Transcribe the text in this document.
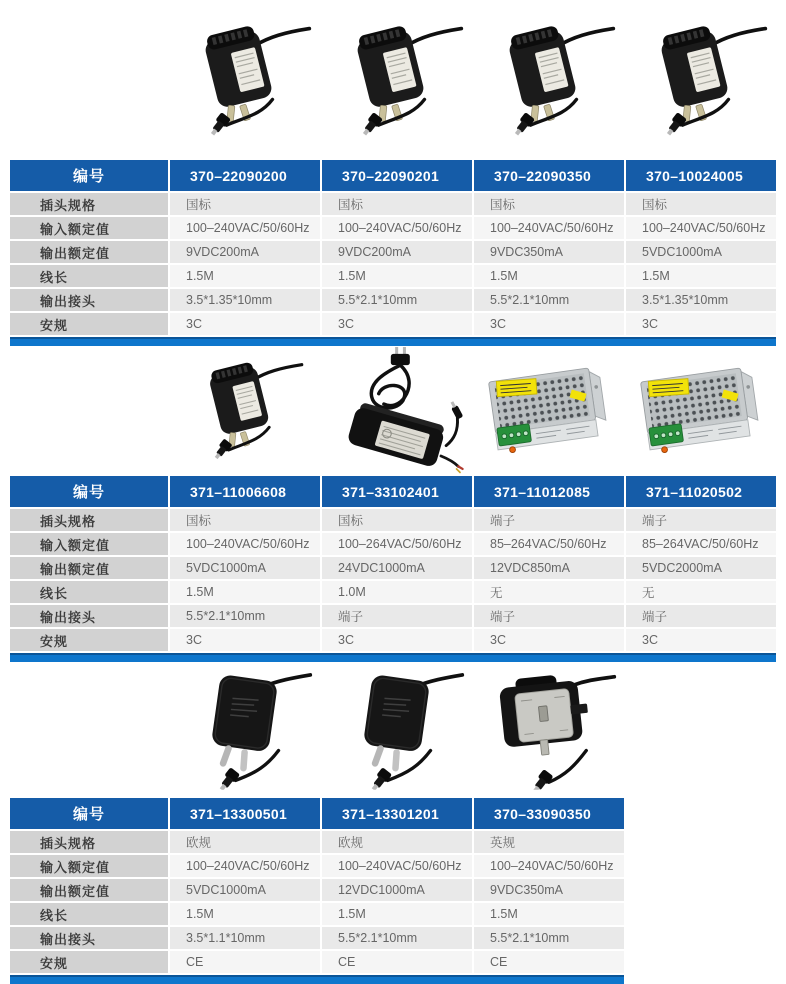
编号	370–22090200	370–22090201	370–22090350	370–10024005
插头规格	国标	国标	国标	国标
输入额定值	100–240VAC/50/60Hz	100–240VAC/50/60Hz	100–240VAC/50/60Hz	100–240VAC/50/60Hz
输出额定值	9VDC200mA	9VDC200mA	9VDC350mA	5VDC1000mA
线长	1.5M	1.5M	1.5M	1.5M
输出接头	3.5*1.35*10mm	5.5*2.1*10mm	5.5*2.1*10mm	3.5*1.35*10mm
安规	3C	3C	3C	3C
编号	371–11006608	371–33102401	371–11012085	371–11020502
插头规格	国标	国标	端子	端子
输入额定值	100–240VAC/50/60Hz	100–264VAC/50/60Hz	85–264VAC/50/60Hz	85–264VAC/50/60Hz
输出额定值	5VDC1000mA	24VDC1000mA	12VDC850mA	5VDC2000mA
线长	1.5M	1.0M	无	无
输出接头	5.5*2.1*10mm	端子	端子	端子
安规	3C	3C	3C	3C
编号	371–13300501	371–13301201	370–33090350
插头规格	欧规	欧规	英规
输入额定值	100–240VAC/50/60Hz	100–240VAC/50/60Hz	100–240VAC/50/60Hz
输出额定值	5VDC1000mA	12VDC1000mA	9VDC350mA
线长	1.5M	1.5M	1.5M
输出接头	3.5*1.1*10mm	5.5*2.1*10mm	5.5*2.1*10mm
安规	CE	CE	CE
